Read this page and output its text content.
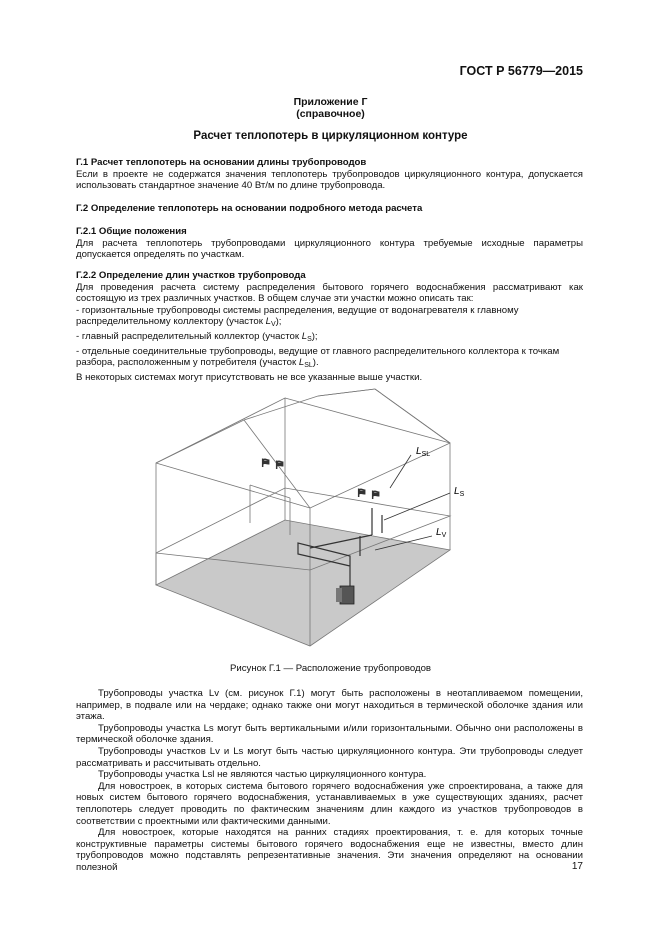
ГОСТ Р 56779—2015
Приложение Г
(справочное)
Расчет теплопотерь в циркуляционном контуре

Г.1 Расчет теплопотерь на основании длины трубопроводов

Если в проекте не содержатся значения теплопотерь трубопроводов циркуляционного контура, допускается использовать стандартное значение 40 Вт/м по длине трубопровода.

Г.2 Определение теплопотерь на основании подробного метода расчета

Г.2.1 Общие положения

Для расчета теплопотерь трубопроводами циркуляционного контура требуемые исходные параметры допускается определять по участкам.

Г.2.2 Определение длин участков трубопровода

Для проведения расчета систему распределения бытового горячего водоснабжения рассматривают как состоящую из трех различных участков. В общем случае эти участки можно описать так:

- горизонтальные трубопроводы системы распределения, ведущие от водонагревателя к главному распределительному коллектору (участок $L_V$);

- главный распределительный коллектор (участок $L_S$);

- отдельные соединительные трубопроводы, ведущие от главного распределительного коллектора к точкам разбора, расположенным у потребителя (участок $L_{SL}$).

В некоторых системах могут присутствовать не все указанные выше участки.

⛿ ⛿
⛿ ⛿
$L_{SL}$
$L_S$
$L_V$
Рисунок Г.1 — Расположение трубопроводов

Трубопроводы участка Lv (см. рисунок Г.1) могут быть расположены в неотапливаемом помещении, например, в подвале или на чердаке; однако также они могут находиться в термической оболочке здания или этажа.

Трубопроводы участка Ls могут быть вертикальными и/или горизонтальными. Обычно они расположены в термической оболочке здания.

Трубопроводы участков Lv и Ls могут быть частью циркуляционного контура. Эти трубопроводы следует рассматривать и рассчитывать отдельно.

Трубопроводы участка Lsl не являются частью циркуляционного контура.

Для новостроек, в которых система бытового горячего водоснабжения уже спроектирована, а также для новых систем бытового горячего водоснабжения, устанавливаемых в уже существующих зданиях, расчет теплопотерь следует проводить по фактическим значениям длин каждого из участков трубопроводов в соответствии с проектными или фактическими данными.

Для новостроек, которые находятся на ранних стадиях проектирования, т. е. для которых точные конструктивные параметры системы бытового горячего водоснабжения еще не известны, вместо длин трубопроводов можно подставлять репрезентативные значения. Эти значения определяют на основании полезной	17
